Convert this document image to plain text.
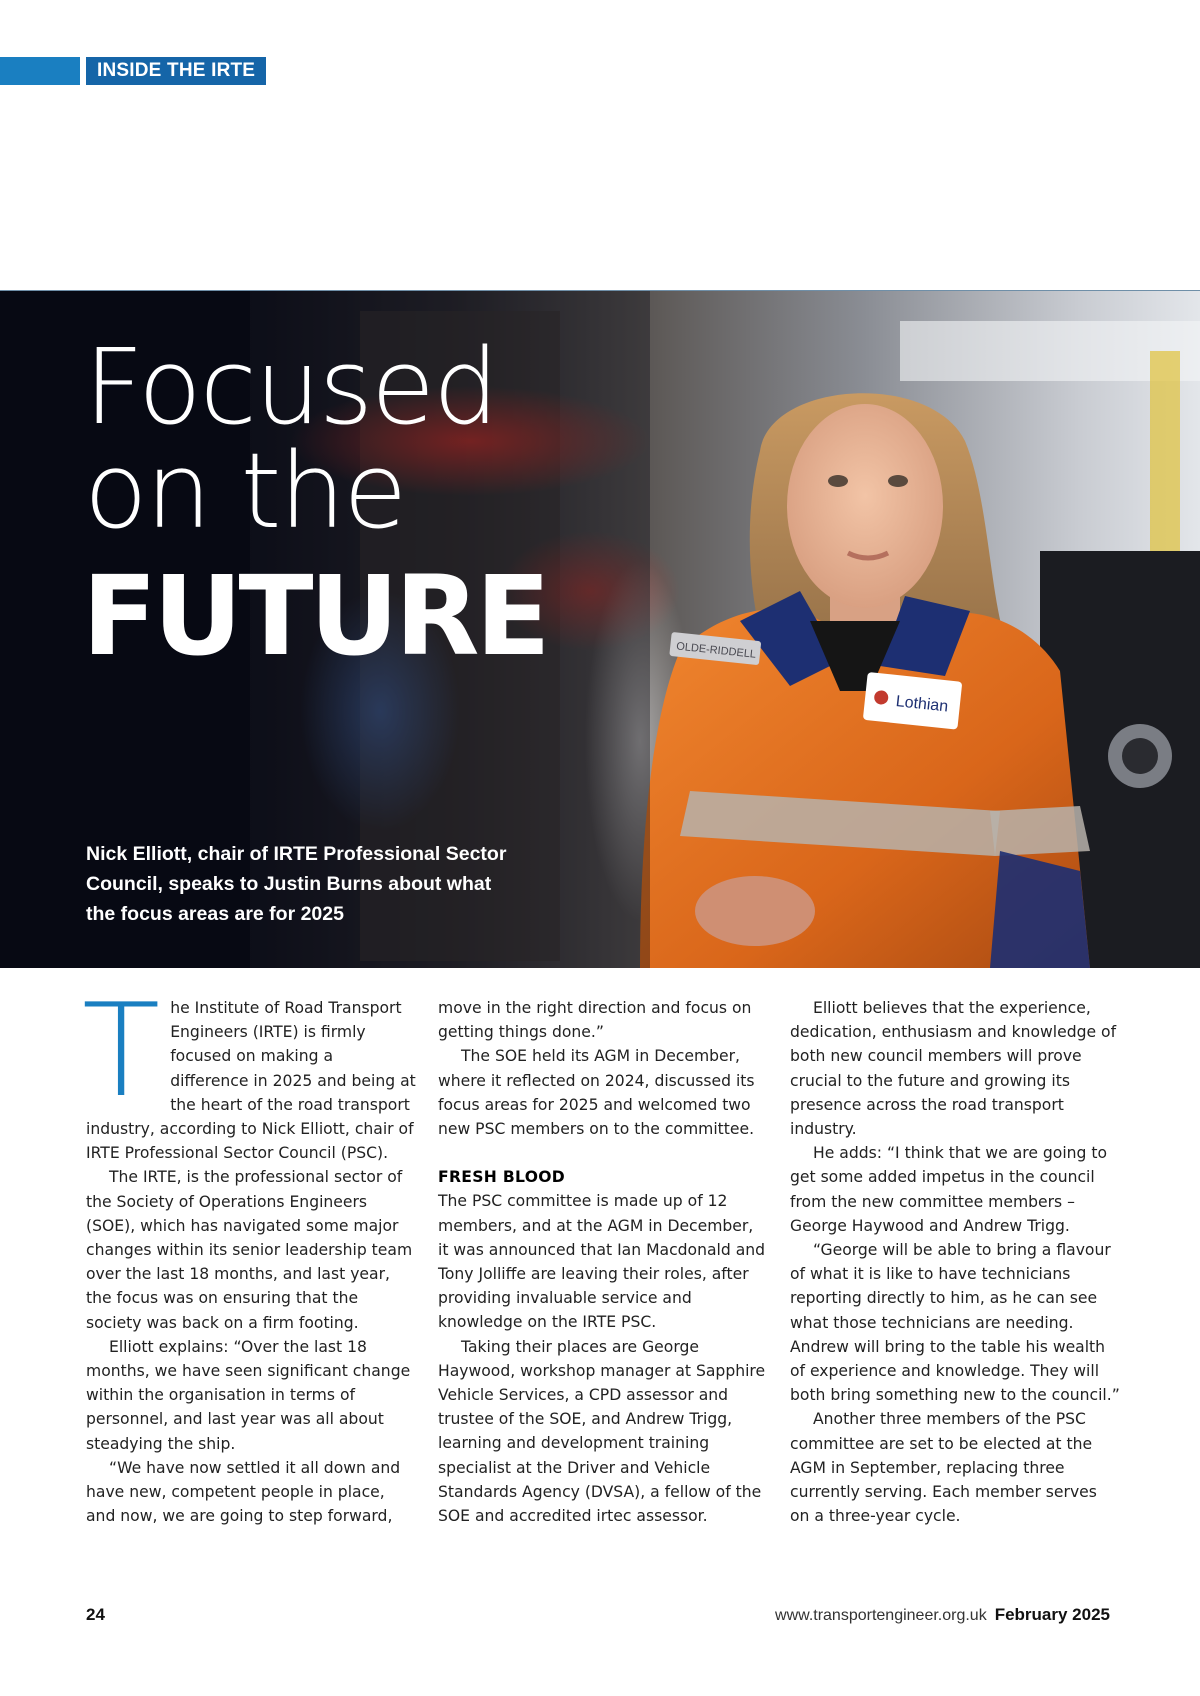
INSIDE THE IRTE
Lothian
OLDE-RIDDELL
Focused
on the
FUTURE

Nick Elliott, chair of IRTE Professional Sector Council, speaks to Justin Burns about what the focus areas are for 2025

T he Institute of Road Transport Engineers (IRTE) is firmly focused on making a difference in 2025 and being at the heart of the road transport industry, according to Nick Elliott, chair of IRTE Professional Sector Council (PSC).

The IRTE, is the professional sector of the Society of Operations Engineers (SOE), which has navigated some major changes within its senior leadership team over the last 18 months, and last year, the focus was on ensuring that the society was back on a firm footing.

Elliott explains: “Over the last 18 months, we have seen significant change within the organisation in terms of personnel, and last year was all about steadying the ship.

“We have now settled it all down and have new, competent people in place, and now, we are going to step forward,

move in the right direction and focus on getting things done.”

The SOE held its AGM in December, where it reflected on 2024, discussed its focus areas for 2025 and welcomed two new PSC members on to the committee.

FRESH BLOOD

The PSC committee is made up of 12 members, and at the AGM in December, it was announced that Ian Macdonald and Tony Jolliffe are leaving their roles, after providing invaluable service and knowledge on the IRTE PSC.

Taking their places are George Haywood, workshop manager at Sapphire Vehicle Services, a CPD assessor and trustee of the SOE, and Andrew Trigg, learning and development training specialist at the Driver and Vehicle Standards Agency (DVSA), a fellow of the SOE and accredited irtec assessor.

Elliott believes that the experience, dedication, enthusiasm and knowledge of both new council members will prove crucial to the future and growing its presence across the road transport industry.

He adds: “I think that we are going to get some added impetus in the council from the new committee members – George Haywood and Andrew Trigg.

“George will be able to bring a flavour of what it is like to have technicians reporting directly to him, as he can see what those technicians are needing. Andrew will bring to the table his wealth of experience and knowledge. They will both bring something new to the council.”

Another three members of the PSC committee are set to be elected at the AGM in September, replacing three currently serving. Each member serves on a three-year cycle.

24	www.transportengineer.org.uk February 2025
